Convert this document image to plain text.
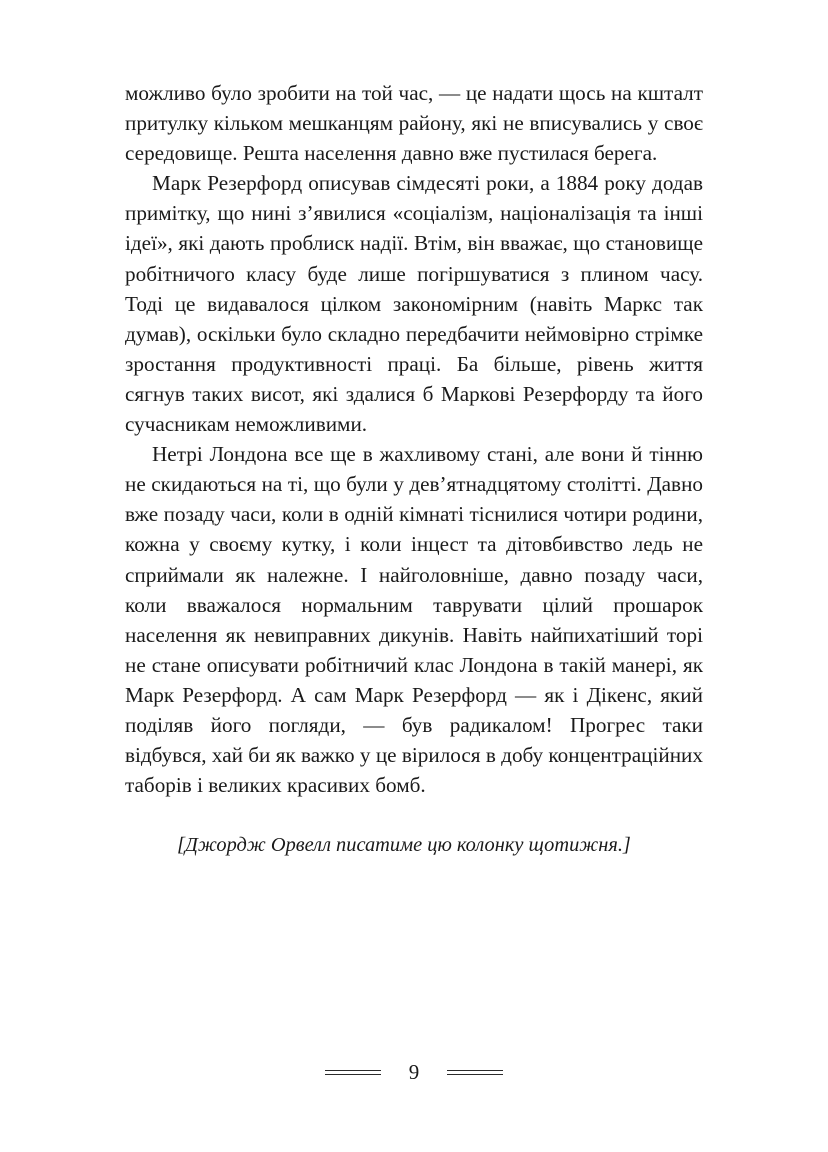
можливо було зробити на той час, — це надати щось на кшталт притулку кільком мешканцям району, які не вписувались у своє середовище. Решта населення давно вже пустилася берега.

Марк Резерфорд описував сімдесяті роки, а 1884 року додав примітку, що нині з’явилися «соціалізм, націоналізація та інші ідеї», які дають проблиск надії. Втім, він вважає, що становище робітничого класу буде лише погіршуватися з плином часу. Тоді це видавалося цілком закономірним (навіть Маркс так думав), оскільки було складно передбачити неймовірно стрімке зростання продуктивності праці. Ба більше, рівень життя сягнув таких висот, які здалися б Маркові Резерфорду та його сучасникам неможливими.

Нетрі Лондона все ще в жахливому стані, але вони й тінню не скидаються на ті, що були у дев’ятнадцятому столітті. Давно вже позаду часи, коли в одній кімнаті тіснилися чотири родини, кожна у своєму кутку, і коли інцест та дітовбивство ледь не сприймали як належне. І найголовніше, давно позаду часи, коли вважалося нормальним таврувати цілий прошарок населення як невиправних дикунів. Навіть найпихатіший торі не стане описувати робітничий клас Лондона в такій манері, як Марк Резерфорд. А сам Марк Резерфорд — як і Дікенс, який поділяв його погляди, — був радикалом! Прогрес таки відбувся, хай би як важко у це вірилося в добу концентраційних таборів і великих красивих бомб.

[Джордж Орвелл писатиме цю колонку щотижня.]

9
